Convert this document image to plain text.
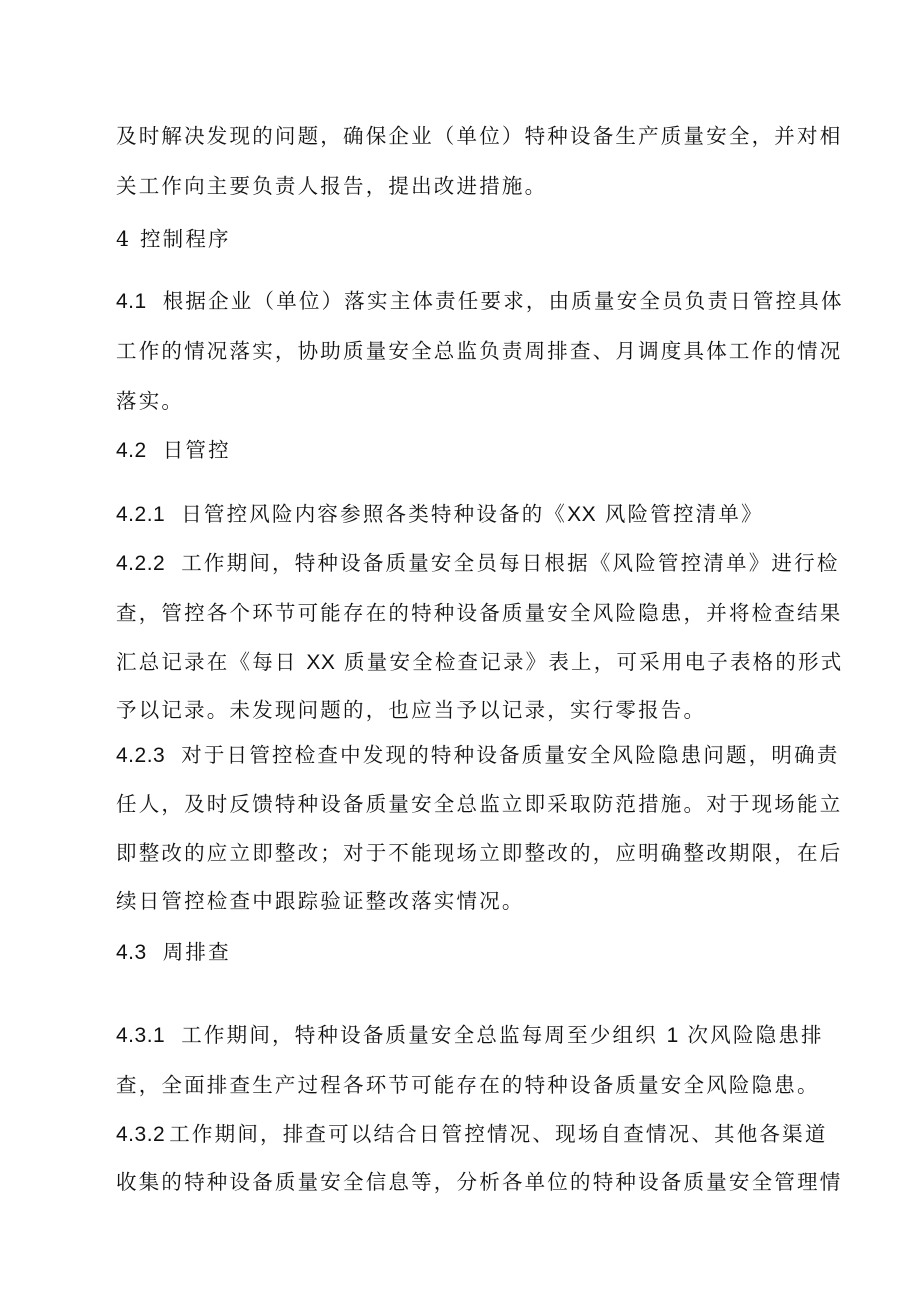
及时解决发现的问题，确保企业（单位）特种设备生产质量安全，并对相
关工作向主要负责人报告，提出改进措施。
4 控制程序
4.1 根据企业（单位）落实主体责任要求，由质量安全员负责日管控具体
工作的情况落实，协助质量安全总监负责周排查、月调度具体工作的情况
落实。
4.2 日管控
4.2.1 日管控风险内容参照各类特种设备的《XX 风险管控清单》
4.2.2 工作期间，特种设备质量安全员每日根据《风险管控清单》进行检
查，管控各个环节可能存在的特种设备质量安全风险隐患，并将检查结果
汇总记录在《每日 XX 质量安全检查记录》表上，可采用电子表格的形式
予以记录。未发现问题的，也应当予以记录，实行零报告。
4.2.3 对于日管控检查中发现的特种设备质量安全风险隐患问题，明确责
任人，及时反馈特种设备质量安全总监立即采取防范措施。对于现场能立
即整改的应立即整改；对于不能现场立即整改的，应明确整改期限，在后
续日管控检查中跟踪验证整改落实情况。
4.3 周排查
4.3.1 工作期间，特种设备质量安全总监每周至少组织 1 次风险隐患排
查，全面排查生产过程各环节可能存在的特种设备质量安全风险隐患。
4.3.2 工作期间，排查可以结合日管控情况、现场自查情况、其他各渠道
收集的特种设备质量安全信息等，分析各单位的特种设备质量安全管理情
